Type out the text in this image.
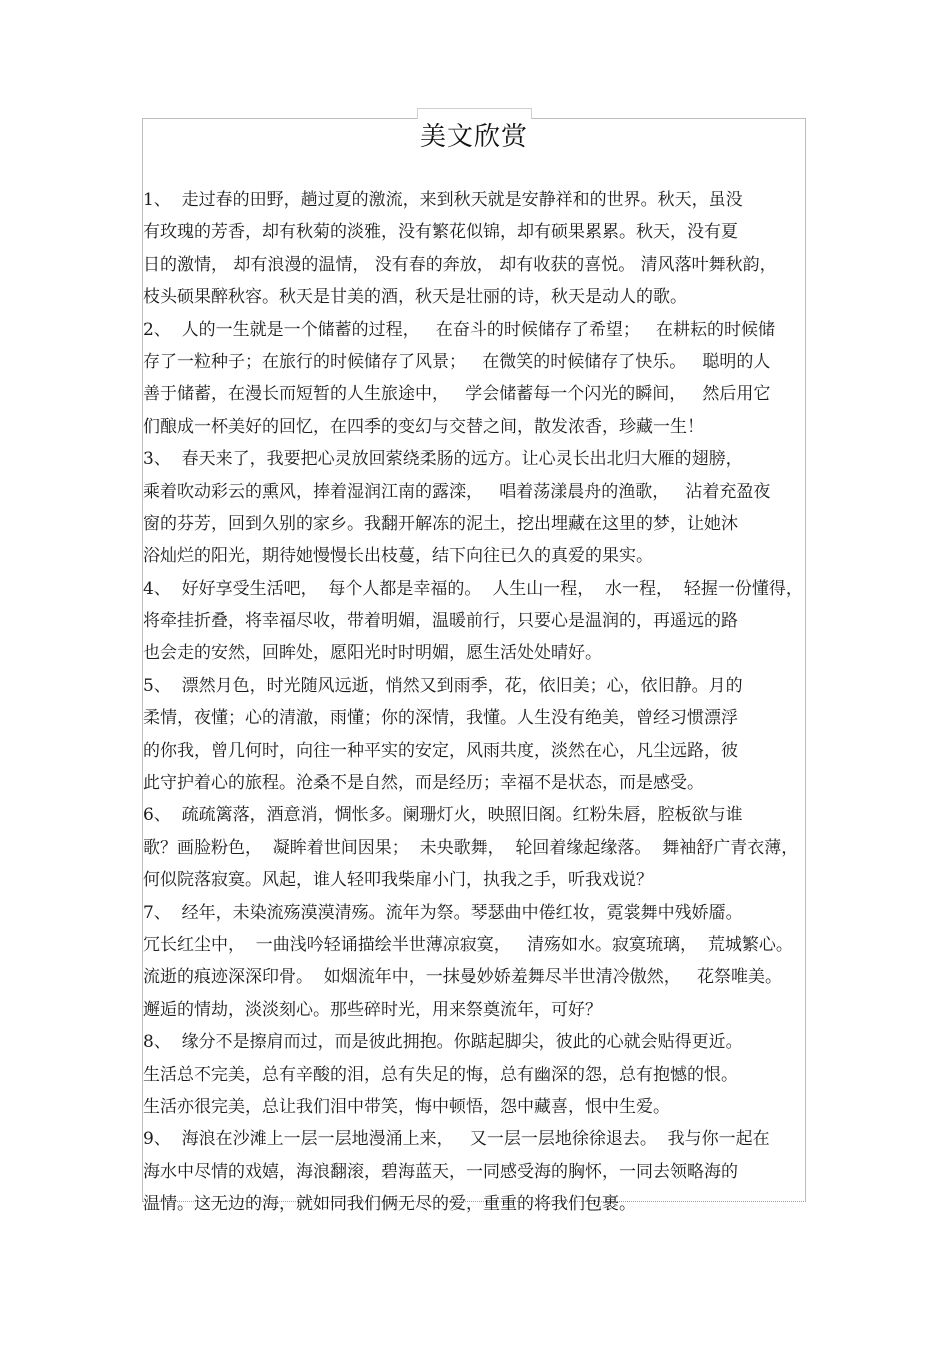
美文欣赏
1、  走过春的田野，趟过夏的激流，来到秋天就是安静祥和的世界。秋天，虽没
有玫瑰的芳香，却有秋菊的淡雅，没有繁花似锦，却有硕果累累。秋天，没有夏
日的激情， 却有浪漫的温情， 没有春的奔放， 却有收获的喜悦。 清风落叶舞秋韵，
枝头硕果醉秋容。秋天是甘美的酒，秋天是壮丽的诗，秋天是动人的歌。
2、  人的一生就是一个储蓄的过程，   在奋斗的时候储存了希望；   在耕耘的时候储
存了一粒种子；在旅行的时候储存了风景；   在微笑的时候储存了快乐。   聪明的人
善于储蓄，在漫长而短暂的人生旅途中，   学会储蓄每一个闪光的瞬间，   然后用它
们酿成一杯美好的回忆，在四季的变幻与交替之间，散发浓香，珍藏一生！
3、  春天来了，我要把心灵放回萦绕柔肠的远方。让心灵长出北归大雁的翅膀，
乘着吹动彩云的熏风，捧着湿润江南的露滦，   唱着荡漾晨舟的渔歌，   沾着充盈夜
窗的芬芳，回到久别的家乡。我翻开解冻的泥土，挖出埋藏在这里的梦，让她沐
浴灿烂的阳光，期待她慢慢长出枝蔓，结下向往已久的真爱的果实。
4、  好好享受生活吧，  每个人都是幸福的。  人生山一程，  水一程，  轻握一份懂得，
将牵挂折叠，将幸福尽收，带着明媚，温暖前行，只要心是温润的，再遥远的路
也会走的安然，回眸处，愿阳光时时明媚，愿生活处处晴好。
5、  漂然月色，时光随风远逝，悄然又到雨季，花，依旧美；心，依旧静。月的
柔情，夜懂；心的清澈，雨懂；你的深情，我懂。人生没有绝美，曾经习惯漂浮
的你我，曾几何时，向往一种平实的安定，风雨共度，淡然在心，凡尘远路，彼
此守护着心的旅程。沧桑不是自然，而是经历；幸福不是状态，而是感受。
6、  疏疏篱落，酒意消，惆怅多。阑珊灯火，映照旧阁。红粉朱唇，腔板欲与谁
歌？画脸粉色，  凝眸着世间因果；  未央歌舞，  轮回着缘起缘落。  舞袖舒广青衣薄，
何似院落寂寞。风起，谁人轻叩我柴扉小门，执我之手，听我戏说？
7、  经年，未染流殇漠漠清殇。流年为祭。琴瑟曲中倦红妆，霓裳舞中残娇靥。
冗长红尘中，  一曲浅吟轻诵描绘半世薄凉寂寞，   清殇如水。寂寞琉璃，  荒城繁心。
流逝的痕迹深深印骨。  如烟流年中，一抹曼妙娇羞舞尽半世清冷傲然，   花祭唯美。
邂逅的情劫，淡淡刻心。那些碎时光，用来祭奠流年，可好？
8、  缘分不是擦肩而过，而是彼此拥抱。你踮起脚尖，彼此的心就会贴得更近。
生活总不完美，总有辛酸的泪，总有失足的悔，总有幽深的怨，总有抱憾的恨。
生活亦很完美，总让我们泪中带笑，悔中顿悟，怨中藏喜，恨中生爱。
9、  海浪在沙滩上一层一层地漫涌上来，   又一层一层地徐徐退去。  我与你一起在
海水中尽情的戏嬉，海浪翻滚，碧海蓝天，一同感受海的胸怀，一同去领略海的
温情。这无边的海，就如同我们俩无尽的爱，重重的将我们包裹。
